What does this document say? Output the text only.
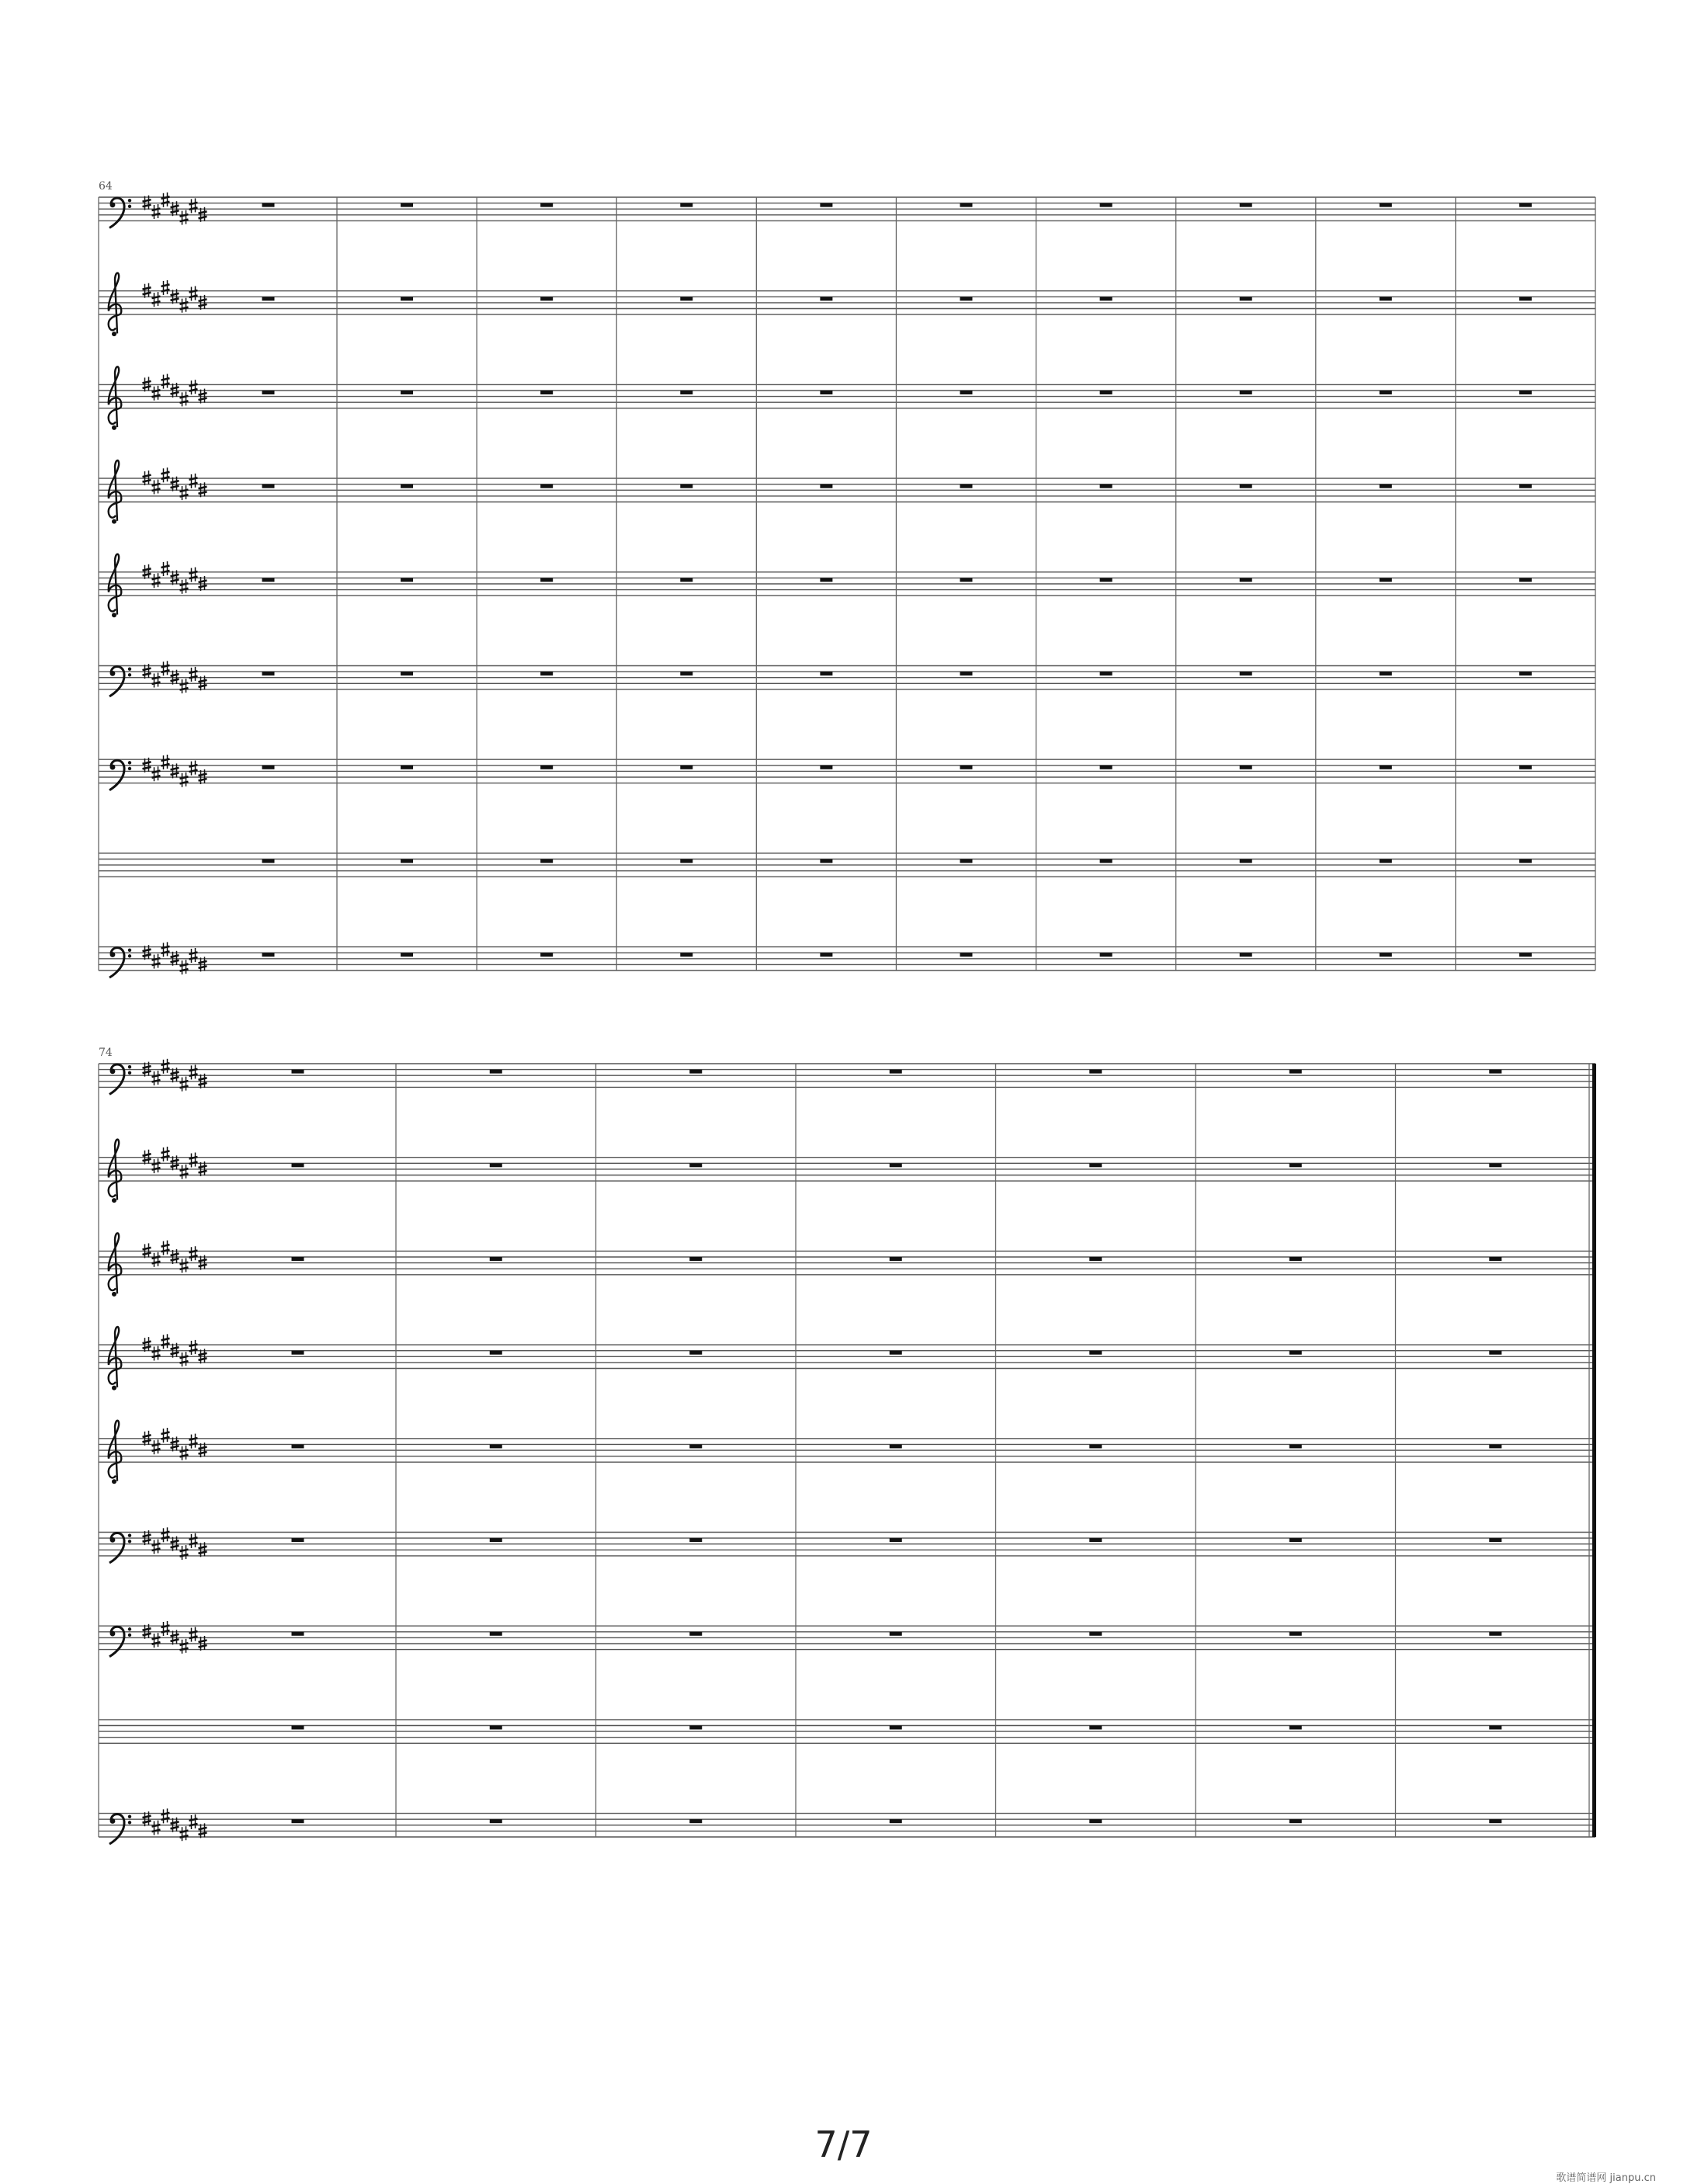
64
74
7/7
歌谱简谱网 jianpu.cn
